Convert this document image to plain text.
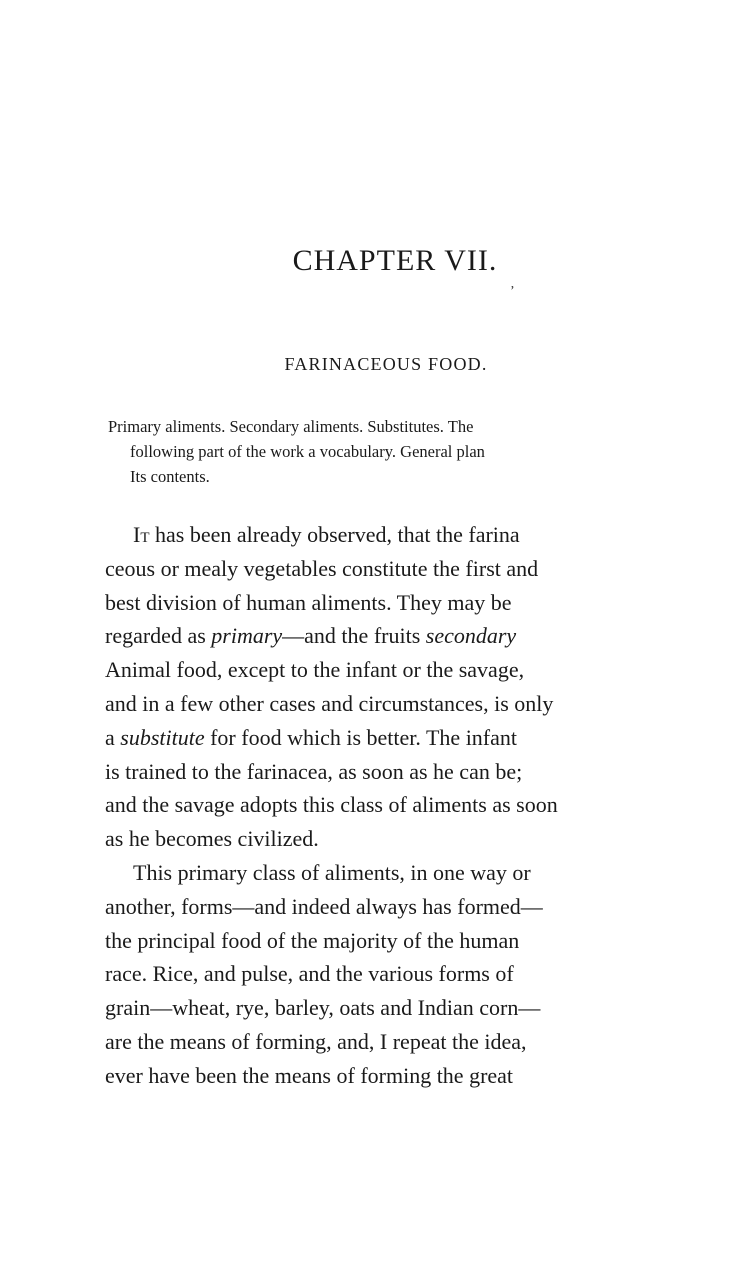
CHAPTER VII.
’
FARINACEOUS FOOD.
Primary aliments. Secondary aliments. Substitutes. The
following part of the work a vocabulary. General plan
Its contents.
It has been already observed, that the farina
ceous or mealy vegetables constitute the first and
best division of human aliments. They may be
regarded as primary—and the fruits secondary
Animal food, except to the infant or the savage,
and in a few other cases and circumstances, is only
a substitute for food which is better. The infant
is trained to the farinacea, as soon as he can be;
and the savage adopts this class of aliments as soon
as he becomes civilized.
This primary class of aliments, in one way or
another, forms—and indeed always has formed—
the principal food of the majority of the human
race. Rice, and pulse, and the various forms of
grain—wheat, rye, barley, oats and Indian corn—
are the means of forming, and, I repeat the idea,
ever have been the means of forming the great
